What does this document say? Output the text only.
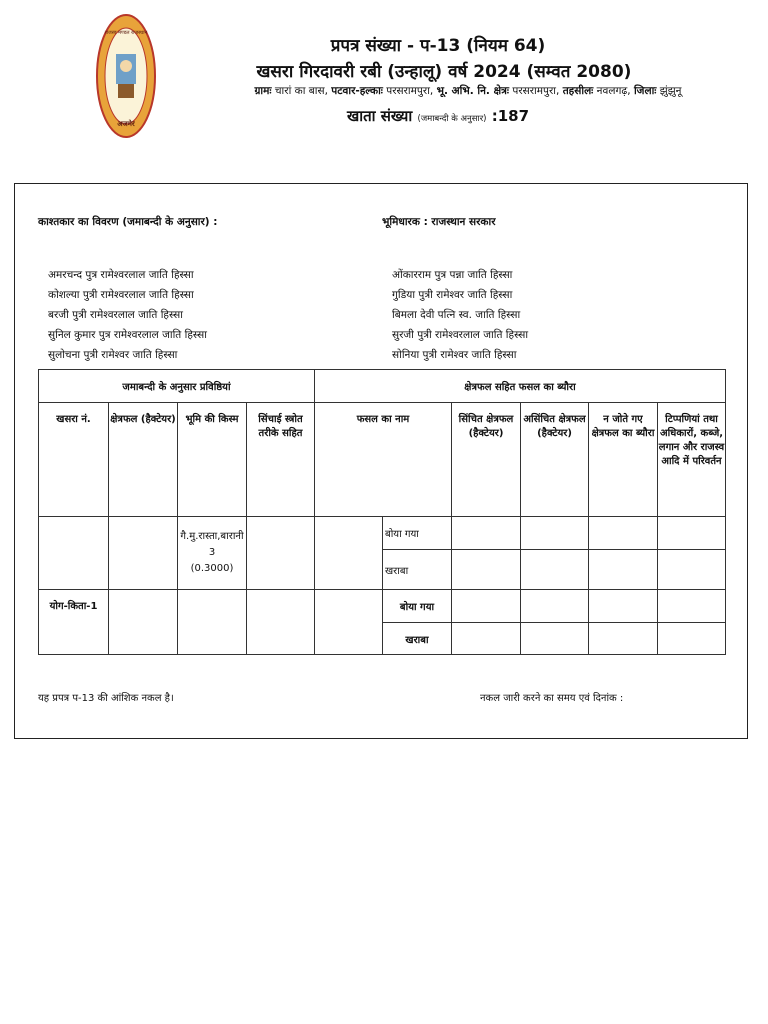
अजमेर
राजस्व मण्डल राजस्थान
प्रपत्र संख्या - प-13 (नियम 64)
खसरा गिरदावरी रबी (उन्हालू) वर्ष 2024 (सम्वत 2080)
ग्रामः चारां का बास, पटवार-हल्काः परसरामपुरा, भू. अभि. नि. क्षेत्रः परसरामपुरा, तहसीलः नवलगढ़, जिलाः झुंझुनू
खाता संख्या (जमाबन्दी के अनुसार) :187
काश्तकार का विवरण (जमाबन्दी के अनुसार) :	भूमिधारक : राजस्थान सरकार
अमरचन्द पुत्र रामेश्वरलाल जाति हिस्सा
कोशल्या पुत्री रामेश्वरलाल जाति हिस्सा
बरजी पुत्री रामेश्वरलाल जाति हिस्सा
सुनिल कुमार पुत्र रामेश्वरलाल जाति हिस्सा
सुलोचना पुत्री रामेश्वर जाति हिस्सा
ओंकारराम पुत्र पन्ना जाति हिस्सा
गुडिया पुत्री रामेश्वर जाति हिस्सा
बिमला देवी पत्नि स्व. जाति हिस्सा
सुरजी पुत्री रामेश्वरलाल जाति हिस्सा
सोनिया पुत्री रामेश्वर जाति हिस्सा
जमाबन्दी के अनुसार प्रविष्ठियां				क्षेत्रफल सहित फसल का ब्यौरा					
खसरा नं.	क्षेत्रफल (हैक्टेयर)	भूमि की किस्म	सिंचाई स्त्रोत तरीके सहित	फसल का नाम		सिंचित क्षेत्रफल (हैक्टेयर)	असिंचित क्षेत्रफल (हैक्टेयर)	न जोते गए क्षेत्रफल का ब्यौरा	टिप्पणियां तथा अधिकारों, कब्जे, लगान और राजस्व आदि में परिवर्तन

		गै.मु.रास्ता,बारानी
3
(0.3000)			बोया गया				
					खराबा				
योग-किता-1					बोया गया				
					खराबा				
यह प्रपत्र प-13 की आंशिक नकल है।	नकल जारी करने का समय एवं दिनांक :
